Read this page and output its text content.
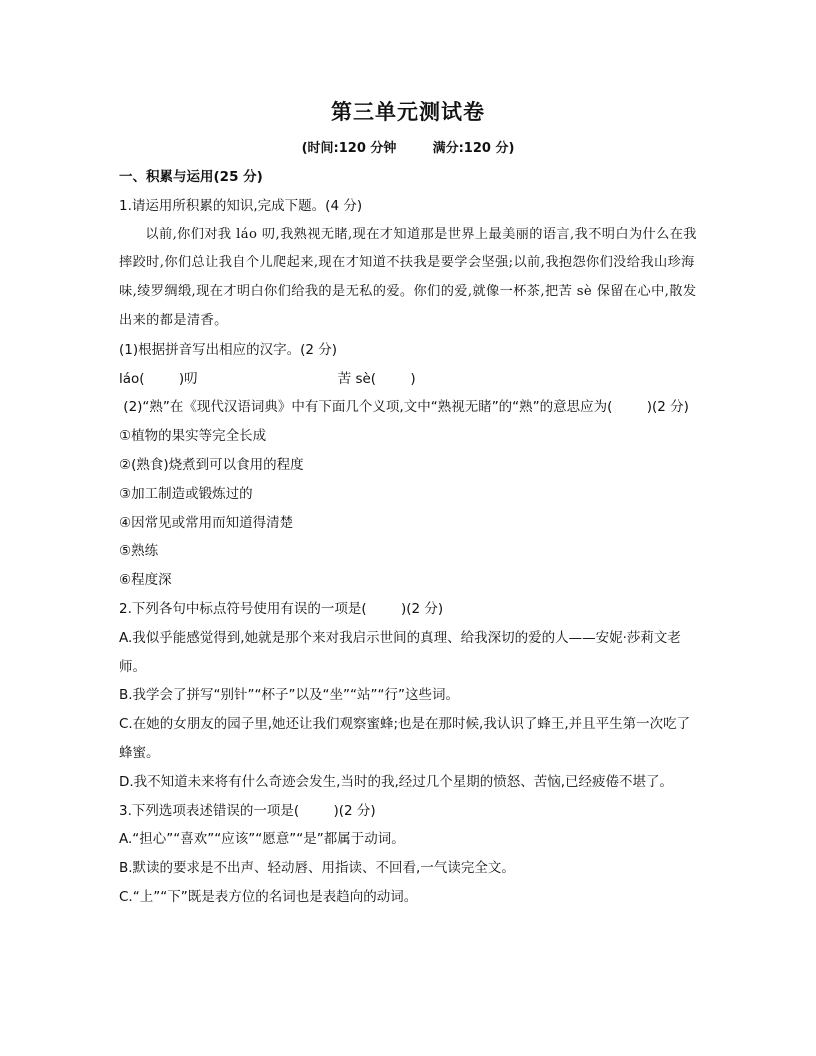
第三单元测试卷
(时间:120 分钟        满分:120 分)
一、积累与运用(25 分)
1.请运用所积累的知识,完成下题。(4 分)
以前,你们对我 láo 叨,我熟视无睹,现在才知道那是世界上最美丽的语言,我不明白为什么在我摔跤时,你们总让我自个儿爬起来,现在才知道不扶我是要学会坚强;以前,我抱怨你们没给我山珍海味,绫罗绸缎,现在才明白你们给我的是无私的爱。你们的爱,就像一杯茶,把苦 sè 保留在心中,散发出来的都是清香。
(1)根据拼音写出相应的汉字。(2 分)
láo(        )叨	苦 sè(        )
(2)“熟”在《现代汉语词典》中有下面几个义项,文中“熟视无睹”的“熟”的意思应为(        )(2 分)
①植物的果实等完全长成
②(熟食)烧煮到可以食用的程度
③加工制造或锻炼过的
④因常见或常用而知道得清楚
⑤熟练
⑥程度深
2.下列各句中标点符号使用有误的一项是(        )(2 分)
A.我似乎能感觉得到,她就是那个来对我启示世间的真理、给我深切的爱的人——安妮·莎莉文老师。
B.我学会了拼写“别针”“杯子”以及“坐”“站”“行”这些词。
C.在她的女朋友的园子里,她还让我们观察蜜蜂;也是在那时候,我认识了蜂王,并且平生第一次吃了蜂蜜。
D.我不知道未来将有什么奇迹会发生,当时的我,经过几个星期的愤怒、苦恼,已经疲倦不堪了。
3.下列选项表述错误的一项是(        )(2 分)
A.“担心”“喜欢”“应该”“愿意”“是”都属于动词。
B.默读的要求是不出声、轻动唇、用指读、不回看,一气读完全文。
C.“上”“下”既是表方位的名词也是表趋向的动词。
